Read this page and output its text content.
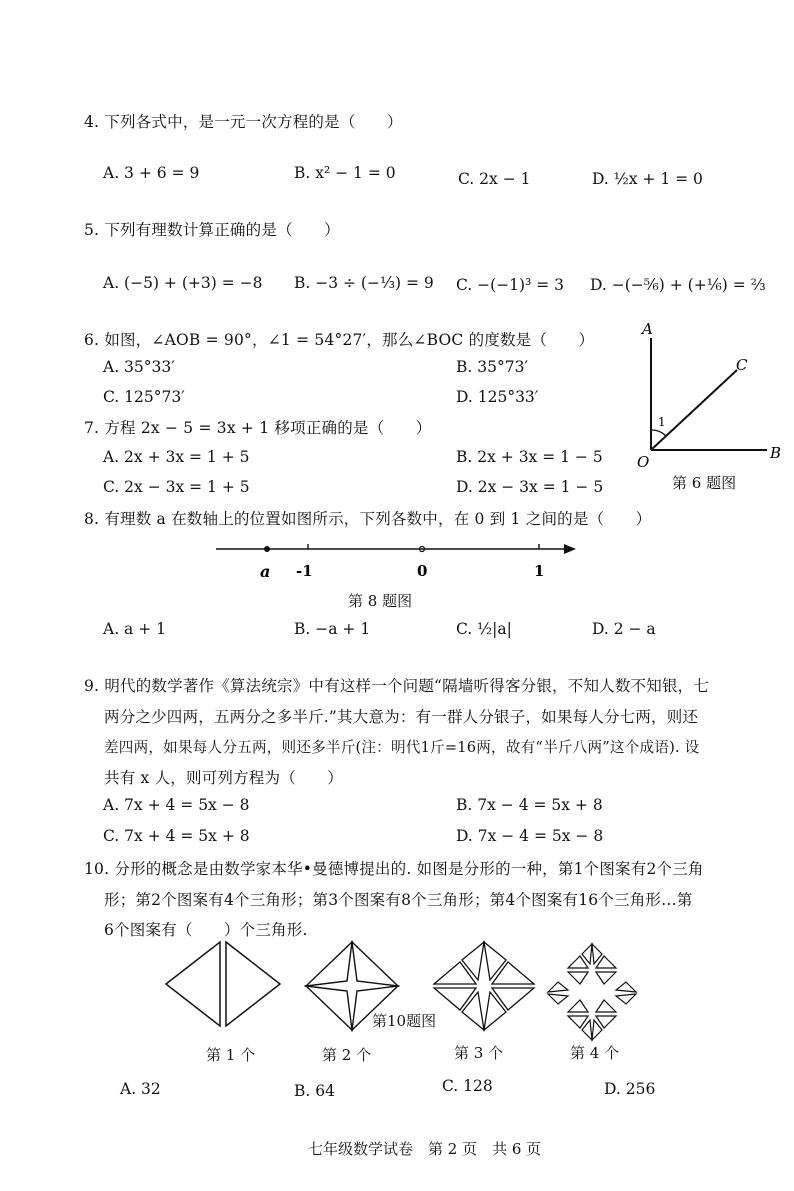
4. 下列各式中，是一元一次方程的是（　　）
A. 3 + 6 = 9	B. x² − 1 = 0	C. 2x − 1	D. ½x + 1 = 0
5. 下列有理数计算正确的是（　　）
A. (−5) + (+3) = −8 B. −3 ÷ (−⅓) = 9 C. −(−1)³ = 3 D. −(−⅚) + (+⅙) = ⅔
6. 如图，∠AOB = 90°，∠1 = 54°27′，那么∠BOC 的度数是（　　）
A. 35°33′	B. 35°73′
C. 125°73′	D. 125°33′
A
C
O	B
1
第 6 题图
7. 方程 2x − 5 = 3x + 1 移项正确的是（　　）
A. 2x + 3x = 1 + 5	B. 2x + 3x = 1 − 5
C. 2x − 3x = 1 + 5	D. 2x − 3x = 1 − 5
8. 有理数 a 在数轴上的位置如图所示，下列各数中，在 0 到 1 之间的是（　　）
a -1	0	1
第 8 题图
A. a + 1	B. −a + 1	C. ½|a|	D. 2 − a
9. 明代的数学著作《算法统宗》中有这样一个问题“隔墙听得客分银，不知人数不知银，七
两分之少四两，五两分之多半斤.”其大意为：有一群人分银子，如果每人分七两，则还
差四两，如果每人分五两，则还多半斤(注：明代1斤=16两，故有“半斤八两”这个成语). 设
共有 x 人，则可列方程为（　　）
A. 7x + 4 = 5x − 8	B. 7x − 4 = 5x + 8
C. 7x + 4 = 5x + 8	D. 7x − 4 = 5x − 8
10. 分形的概念是由数学家本华•曼德博提出的. 如图是分形的一种，第1个图案有2个三角
形；第2个图案有4个三角形；第3个图案有8个三角形；第4个图案有16个三角形…第
6个图案有（　　）个三角形.
第10题图
第 1 个	第 2 个	第 3 个	第 4 个
A. 32	B. 64	C. 128	D. 256
七年级数学试卷　第 2 页　共 6 页
